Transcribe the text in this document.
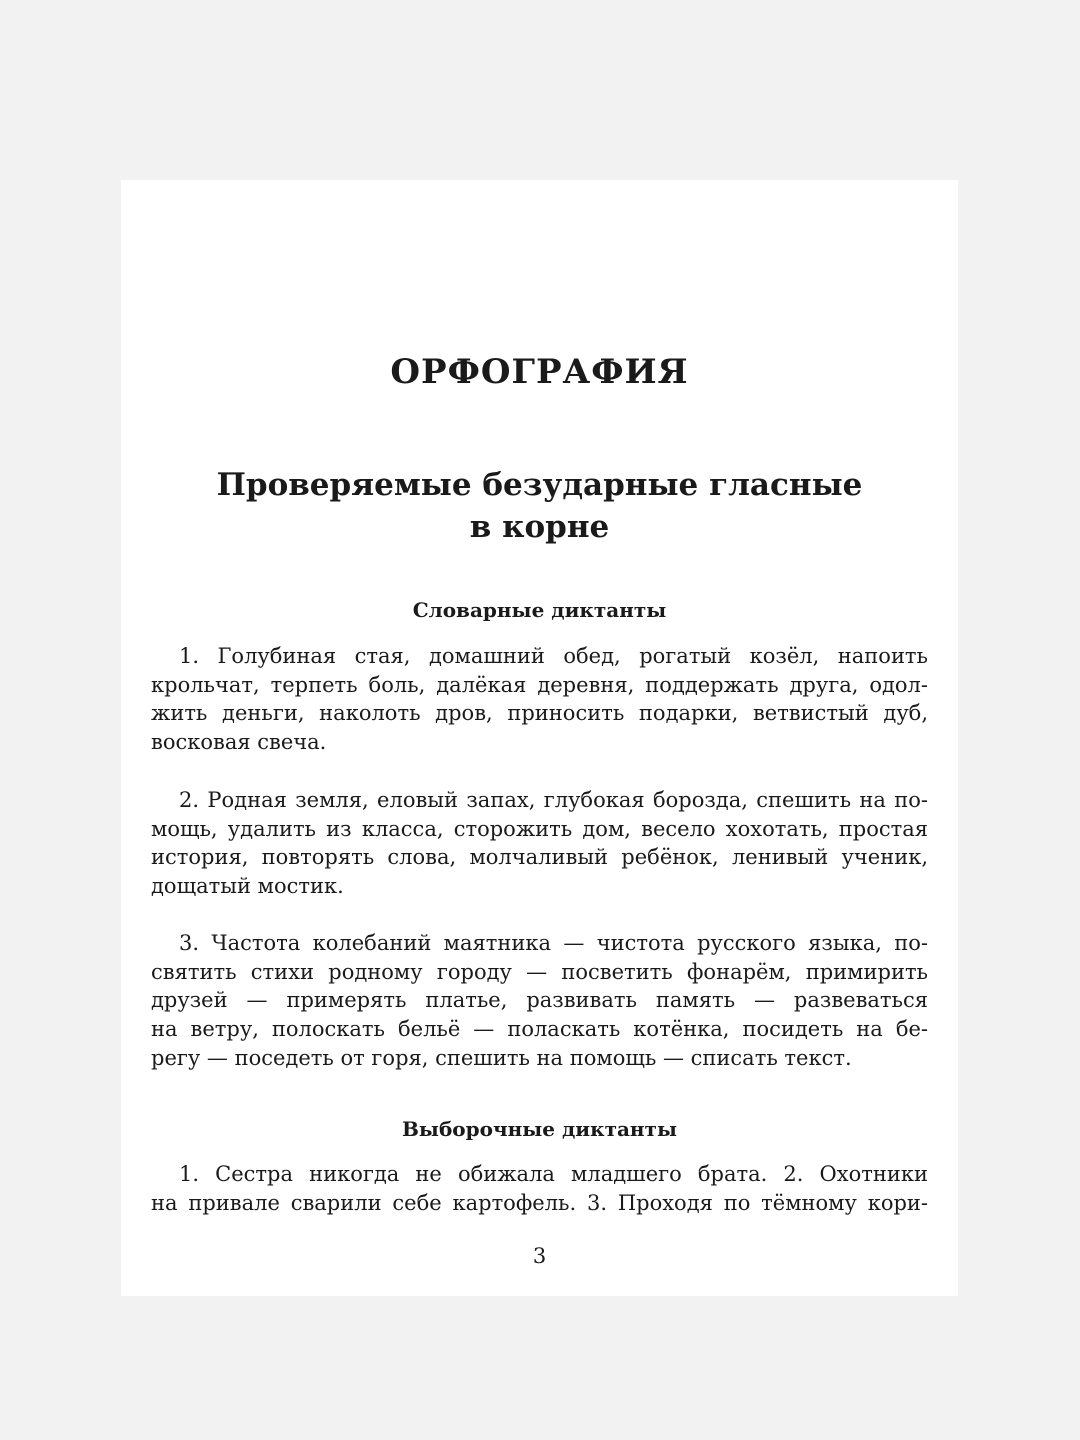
ОРФОГРАФИЯ
Проверяемые безударные гласные
в корне
Словарные диктанты
1. Голубиная стая, домашний обед, рогатый козёл, напоить
крольчат, терпеть боль, далёкая деревня, поддержать друга, одол-
жить деньги, наколоть дров, приносить подарки, ветвистый дуб,
восковая свеча.
2. Родная земля, еловый запах, глубокая борозда, спешить на по-
мощь, удалить из класса, сторожить дом, весело хохотать, простая
история, повторять слова, молчаливый ребёнок, ленивый ученик,
дощатый мостик.
3. Частота колебаний маятника — чистота русского языка, по-
святить стихи родному городу — посветить фонарём, примирить
друзей — примерять платье, развивать память — развеваться
на ветру, полоскать бельё — поласкать котёнка, посидеть на бе-
регу — поседеть от горя, спешить на помощь — списать текст.
Выборочные диктанты
1. Сестра никогда не обижала младшего брата. 2. Охотники
на привале сварили себе картофель. 3. Проходя по тёмному кори-
3
